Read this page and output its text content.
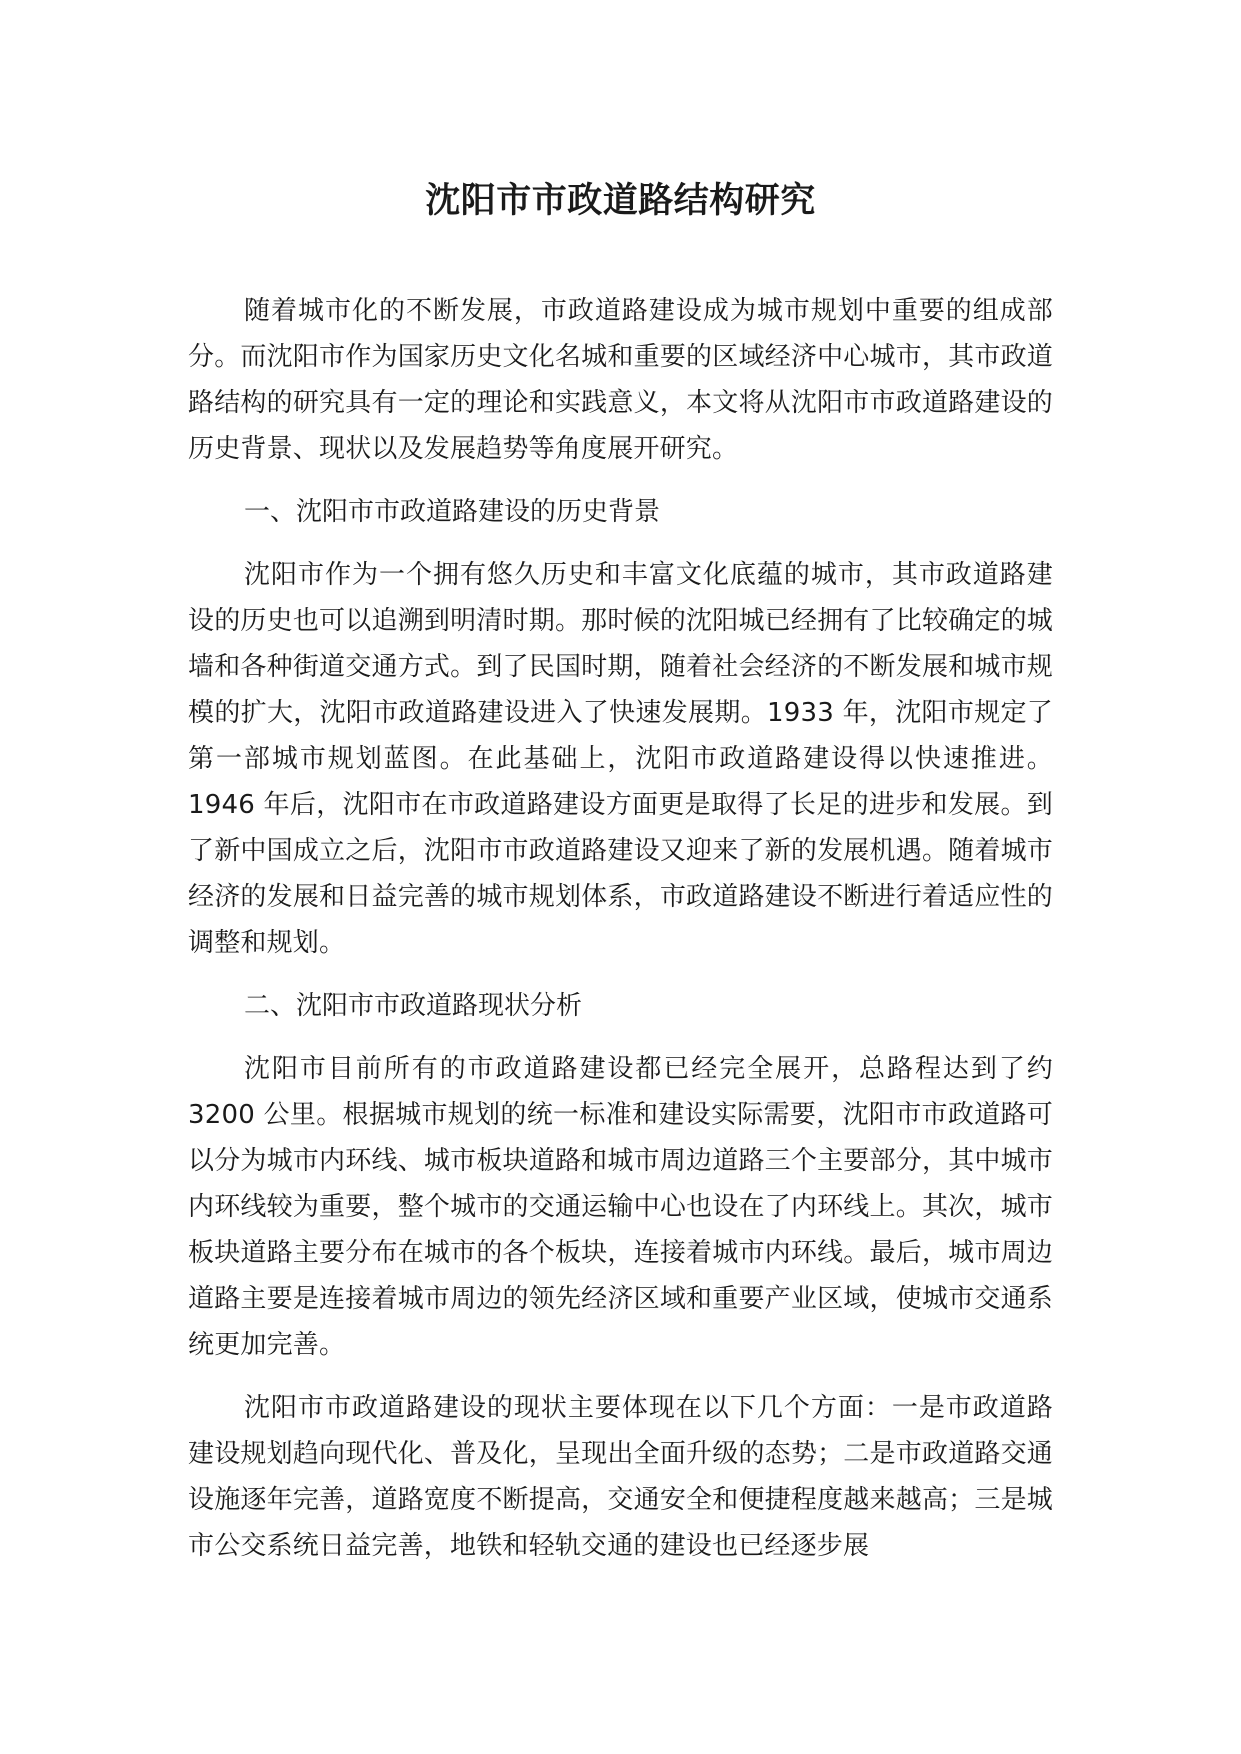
沈阳市市政道路结构研究

随着城市化的不断发展，市政道路建设成为城市规划中重要的组成部分。而沈阳市作为国家历史文化名城和重要的区域经济中心城市，其市政道路结构的研究具有一定的理论和实践意义，本文将从沈阳市市政道路建设的历史背景、现状以及发展趋势等角度展开研究。

一、沈阳市市政道路建设的历史背景

沈阳市作为一个拥有悠久历史和丰富文化底蕴的城市，其市政道路建设的历史也可以追溯到明清时期。那时候的沈阳城已经拥有了比较确定的城墙和各种街道交通方式。到了民国时期，随着社会经济的不断发展和城市规模的扩大，沈阳市政道路建设进入了快速发展期。1933 年，沈阳市规定了第一部城市规划蓝图。在此基础上，沈阳市政道路建设得以快速推进。1946 年后，沈阳市在市政道路建设方面更是取得了长足的进步和发展。到了新中国成立之后，沈阳市市政道路建设又迎来了新的发展机遇。随着城市经济的发展和日益完善的城市规划体系，市政道路建设不断进行着适应性的调整和规划。

二、沈阳市市政道路现状分析

沈阳市目前所有的市政道路建设都已经完全展开，总路程达到了约3200 公里。根据城市规划的统一标准和建设实际需要，沈阳市市政道路可以分为城市内环线、城市板块道路和城市周边道路三个主要部分，其中城市内环线较为重要，整个城市的交通运输中心也设在了内环线上。其次，城市板块道路主要分布在城市的各个板块，连接着城市内环线。最后，城市周边道路主要是连接着城市周边的领先经济区域和重要产业区域，使城市交通系统更加完善。

沈阳市市政道路建设的现状主要体现在以下几个方面：一是市政道路建设规划趋向现代化、普及化，呈现出全面升级的态势；二是市政道路交通设施逐年完善，道路宽度不断提高，交通安全和便捷程度越来越高；三是城市公交系统日益完善，地铁和轻轨交通的建设也已经逐步展
